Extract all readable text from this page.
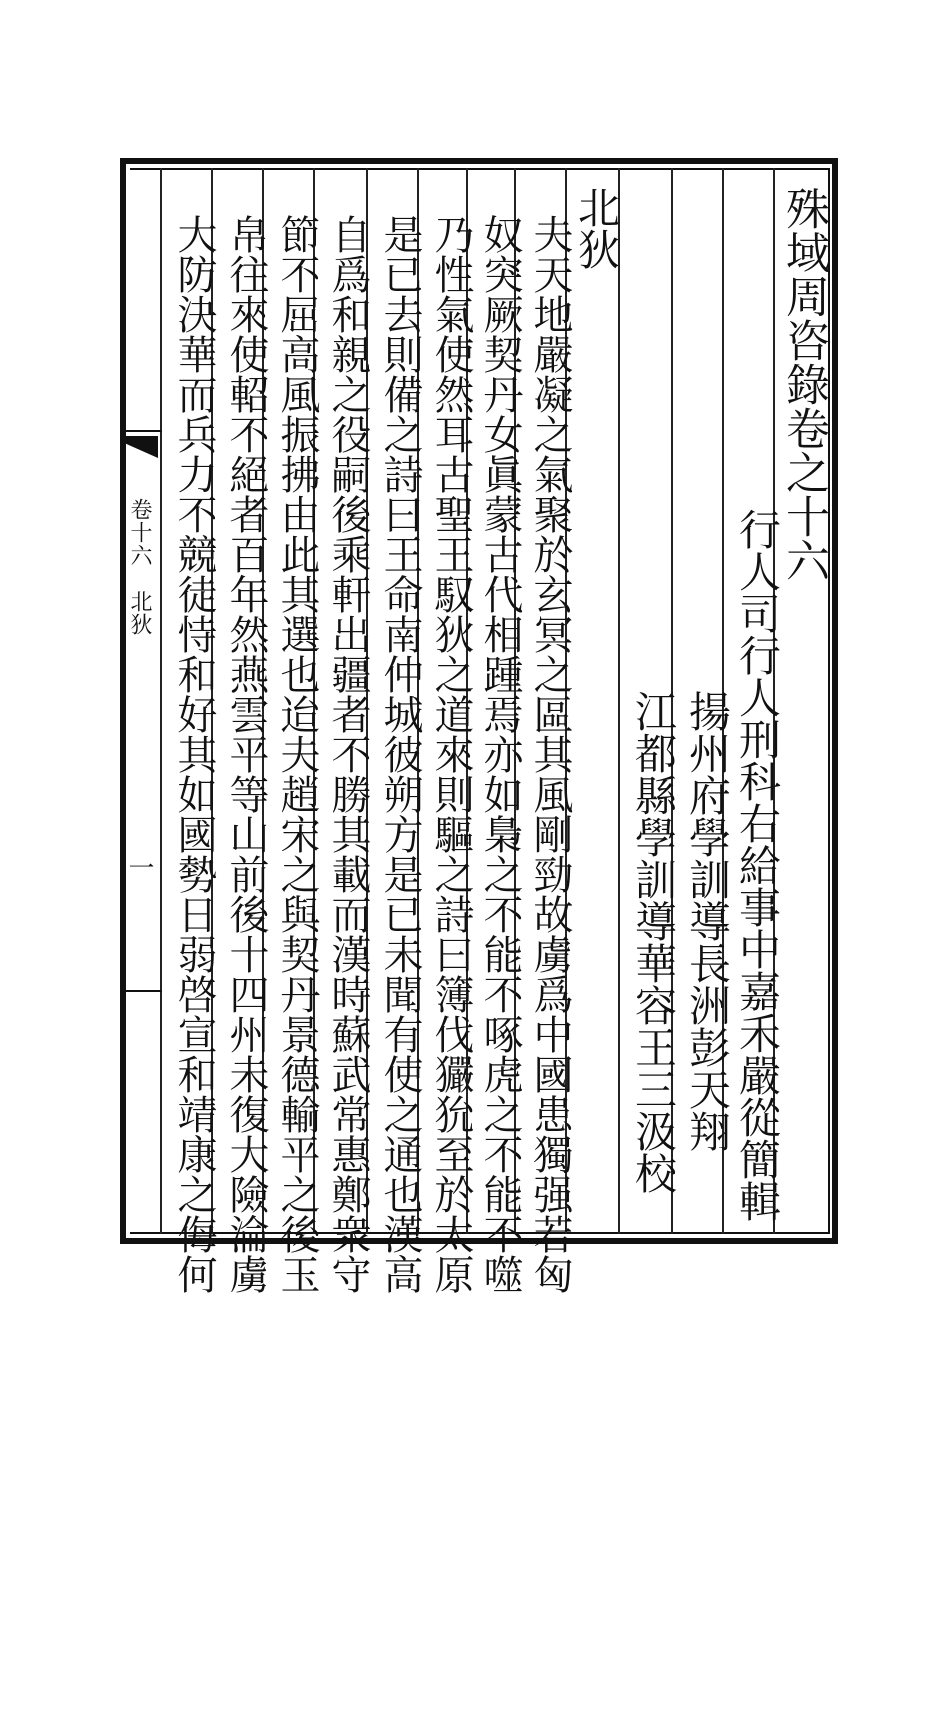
殊域周咨錄卷之十六
行人司行人刑科右給事中嘉禾嚴從簡輯
揚州府學訓導長洲彭天翔
江都縣學訓導華容王三汲校
北狄
夫天地嚴凝之氣聚於玄冥之區其風剛勁故虜爲中國患獨强若匈
奴突厥契丹女眞蒙古代相踵焉亦如梟之不能不啄虎之不能不噬
乃性氣使然耳古聖王馭狄之道來則驅之詩曰簿伐玁狁至於太原
是已去則備之詩曰王命南仲城彼朔方是已未聞有使之通也漢高
自爲和親之役嗣後乘軒出疆者不勝其載而漢時蘇武常惠鄭衆守
節不屈高風振拂由此其選也迨夫趙宋之與契丹景德輸平之後玉
帛往來使軺不絕者百年然燕雲平等山前後十四州未復大險淪虜
大防決華而兵力不競徒恃和好其如國勢日弱啓宣和靖康之侮何
卷十六　北狄
一
